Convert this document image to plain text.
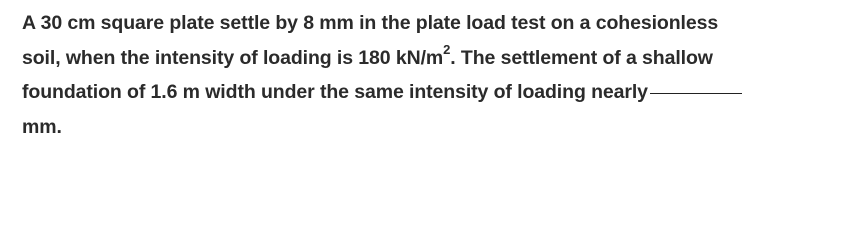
A 30 cm square plate settle by 8 mm in the plate load test on a cohesionless
soil, when the intensity of loading is 180 $kN/m^2$. The settlement of a shallow
foundation of 1.6 m width under the same intensity of loading nearly
mm.
